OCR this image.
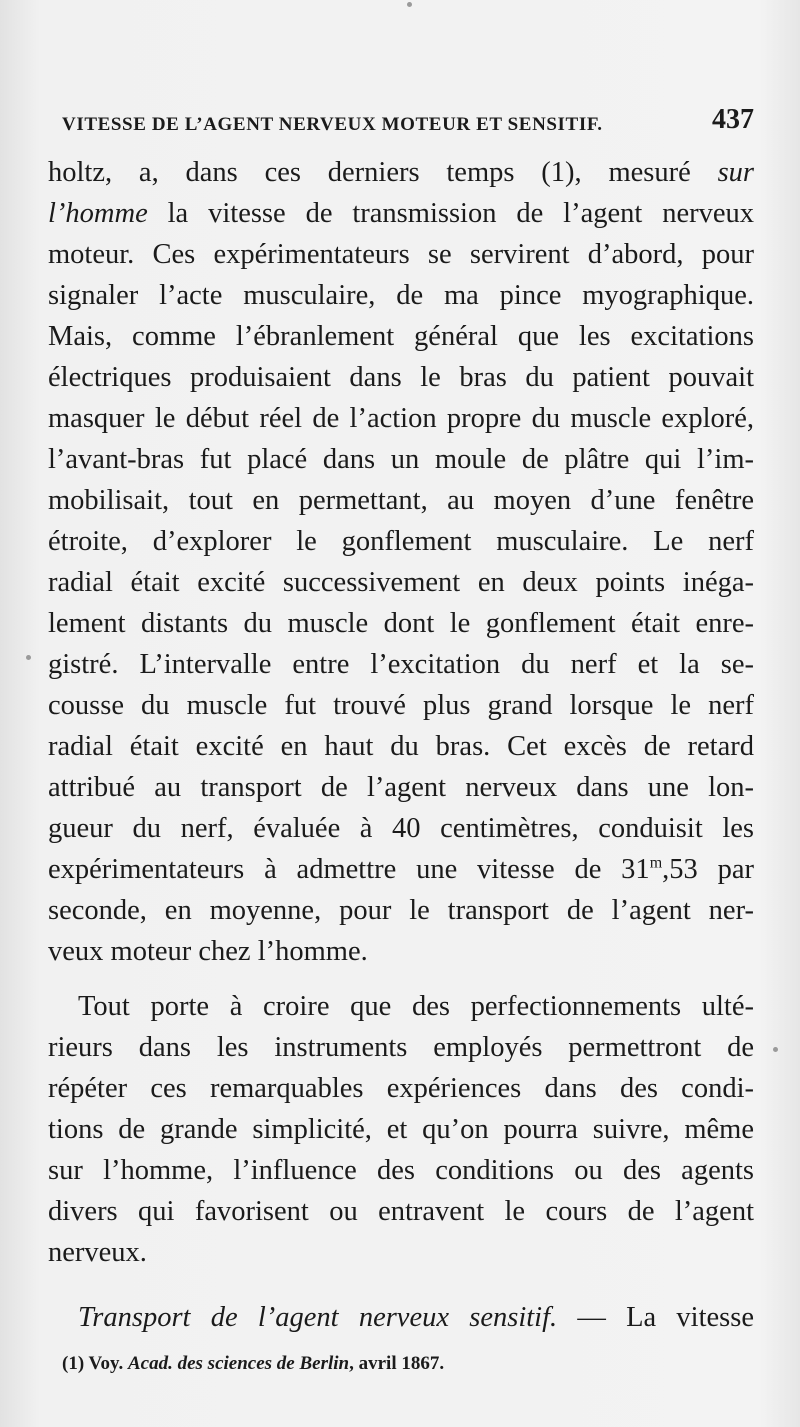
VITESSE DE L’AGENT NERVEUX MOTEUR ET SENSITIF.	437
holtz, a, dans ces derniers temps (1), mesuré sur
l’homme la vitesse de transmission de l’agent nerveux
moteur. Ces expérimentateurs se servirent d’abord, pour
signaler l’acte musculaire, de ma pince myographique.
Mais, comme l’ébranlement général que les excitations
électriques produisaient dans le bras du patient pouvait
masquer le début réel de l’action propre du muscle exploré,
l’avant-bras fut placé dans un moule de plâtre qui l’im-
mobilisait, tout en permettant, au moyen d’une fenêtre
étroite, d’explorer le gonflement musculaire. Le nerf
radial était excité successivement en deux points inéga-
lement distants du muscle dont le gonflement était enre-
gistré. L’intervalle entre l’excitation du nerf et la se-
cousse du muscle fut trouvé plus grand lorsque le nerf
radial était excité en haut du bras. Cet excès de retard
attribué au transport de l’agent nerveux dans une lon-
gueur du nerf, évaluée à 40 centimètres, conduisit les
expérimentateurs à admettre une vitesse de 31$^m$,53 par
seconde, en moyenne, pour le transport de l’agent ner-
veux moteur chez l’homme.
Tout porte à croire que des perfectionnements ulté-
rieurs dans les instruments employés permettront de
répéter ces remarquables expériences dans des condi-
tions de grande simplicité, et qu’on pourra suivre, même
sur l’homme, l’influence des conditions ou des agents
divers qui favorisent ou entravent le cours de l’agent
nerveux.
Transport de l’agent nerveux sensitif. — La vitesse
(1) Voy. Acad. des sciences de Berlin, avril 1867.
